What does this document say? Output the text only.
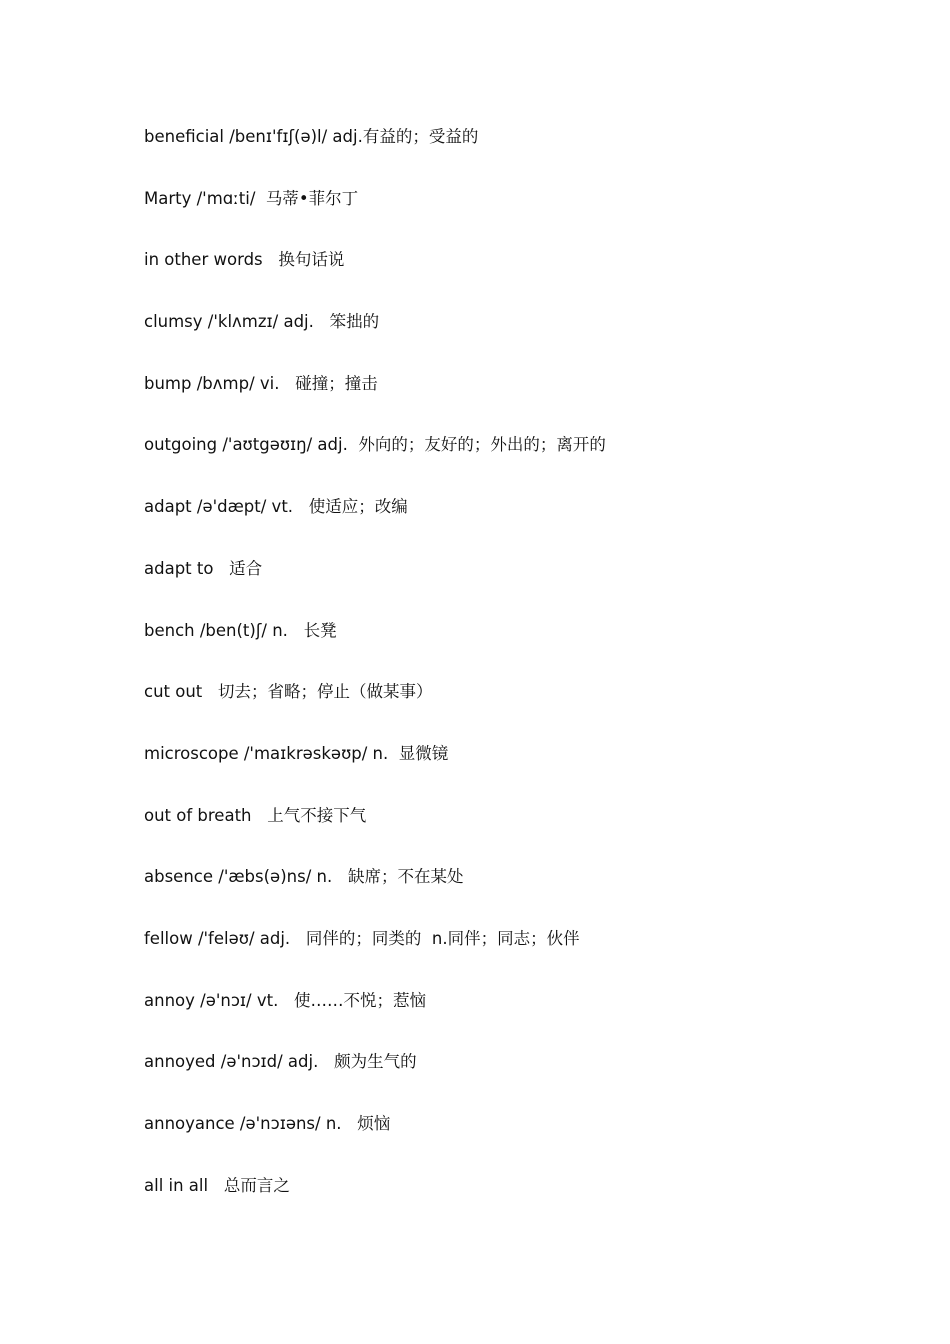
beneficial /benɪ'fɪʃ(ə)l/ adj.有益的；受益的
Marty /'mɑːti/  马蒂•菲尔丁
in other words   换句话说
clumsy /'klʌmzɪ/ adj.   笨拙的
bump /bʌmp/ vi.   碰撞；撞击
outgoing /'aʊtgəʊɪŋ/ adj.  外向的；友好的；外出的；离开的
adapt /ə'dæpt/ vt.   使适应；改编
adapt to   适合
bench /ben(t)ʃ/ n.   长凳
cut out   切去；省略；停止（做某事）
microscope /'maɪkrəskəʊp/ n.  显微镜
out of breath   上气不接下气
absence /'æbs(ə)ns/ n.   缺席；不在某处
fellow /'feləʊ/ adj.   同伴的；同类的  n.同伴；同志；伙伴
annoy /ə'nɔɪ/ vt.   使……不悦；惹恼
annoyed /ə'nɔɪd/ adj.   颇为生气的
annoyance /ə'nɔɪəns/ n.   烦恼
all in all   总而言之
